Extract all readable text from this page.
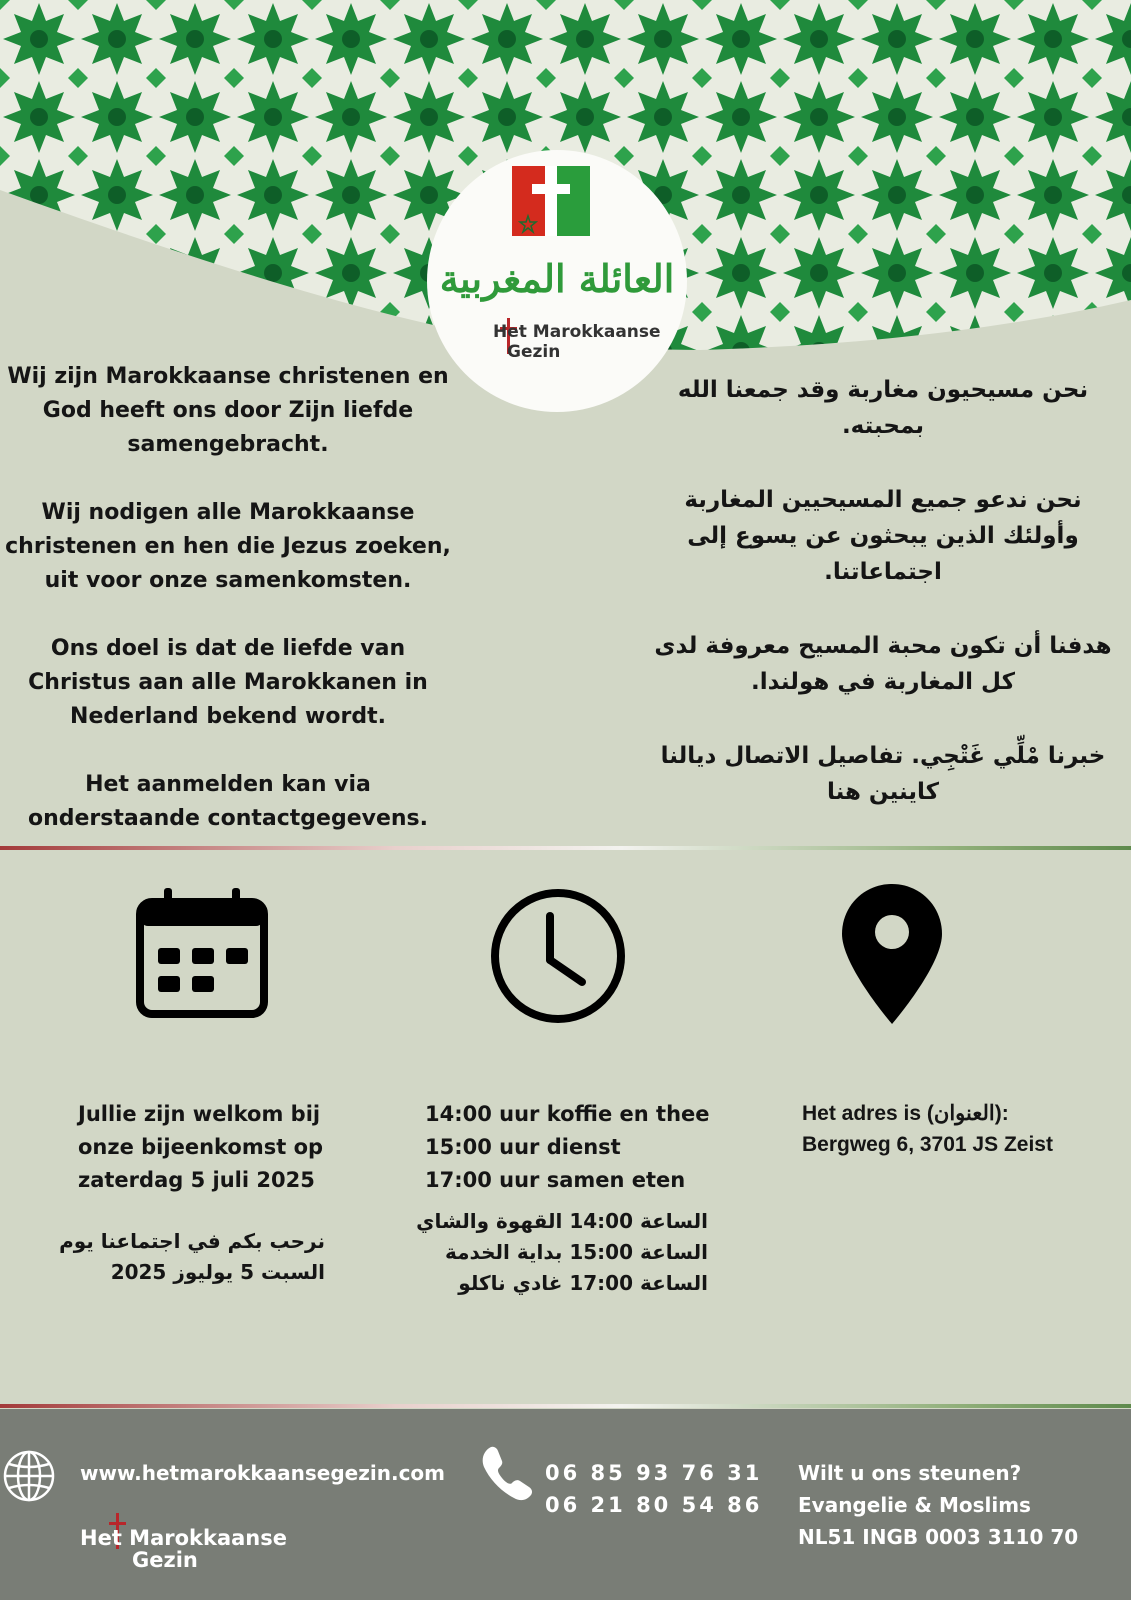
العائلة المغربية
Het Marokkaanse
Gezin

Wij zijn Marokkaanse christenen en God heeft ons door Zijn liefde samengebracht.

Wij nodigen alle Marokkaanse christenen en hen die Jezus zoeken, uit voor onze samenkomsten.

Ons doel is dat de liefde van Christus aan alle Marokkanen in Nederland bekend wordt.

Het aanmelden kan via onderstaande contactgegevens.

نحن مسيحيون مغاربة وقد جمعنا الله بمحبته.

نحن ندعو جميع المسيحيين المغاربة وأولئك الذين يبحثون عن يسوع إلى اجتماعاتنا.

هدفنا أن تكون محبة المسيح معروفة لدى كل المغاربة في هولندا.

خبرنا مْلِّي غَتْجِي. تفاصيل الاتصال ديالنا كاينين هنا

Jullie zijn welkom bij
onze bijeenkomst op
zaterdag 5 juli 2025
نرحب بكم في اجتماعنا يوم
السبت 5 يوليوز 2025
14:00 uur koffie en thee
15:00 uur dienst
17:00 uur samen eten
الساعة 14:00 القهوة والشاي
الساعة 15:00 بداية الخدمة
الساعة 17:00 غادي ناكلو
Het adres is (العنوان):
Bergweg 6, 3701 JS Zeist
www.hetmarokkaansegezin.com	06 85 93 76 31
06 21 80 54 86
Wilt u ons steunen?
Evangelie & Moslims
NL51 INGB 0003 3110 70
Het Marokkaanse
Gezin
